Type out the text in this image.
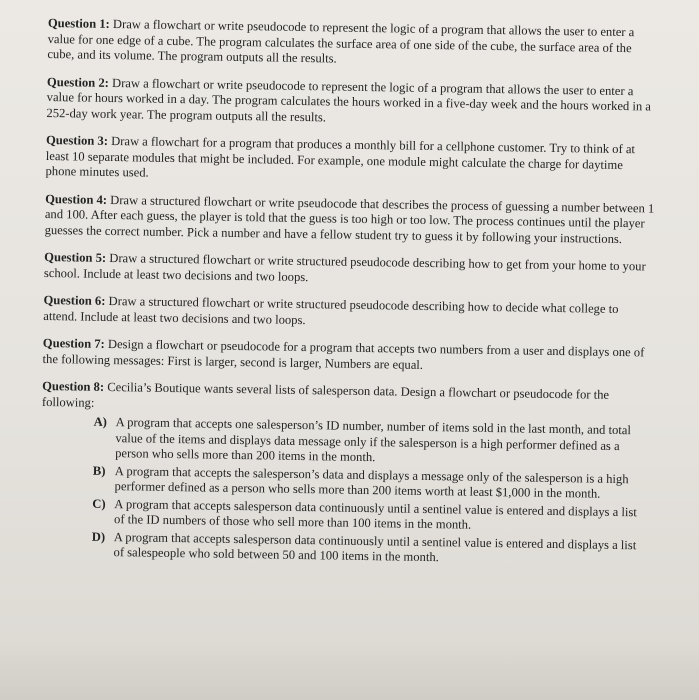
Question 1: Draw a flowchart or write pseudocode to represent the logic of a program that allows the user to enter a value for one edge of a cube. The program calculates the surface area of one side of the cube, the surface area of the cube, and its volume. The program outputs all the results.

Question 2: Draw a flowchart or write pseudocode to represent the logic of a program that allows the user to enter a value for hours worked in a day. The program calculates the hours worked in a five-day week and the hours worked in a 252-day work year. The program outputs all the results.

Question 3: Draw a flowchart for a program that produces a monthly bill for a cellphone customer. Try to think of at least 10 separate modules that might be included. For example, one module might calculate the charge for daytime phone minutes used.

Question 4: Draw a structured flowchart or write pseudocode that describes the process of guessing a number between 1 and 100. After each guess, the player is told that the guess is too high or too low. The process continues until the player guesses the correct number. Pick a number and have a fellow student try to guess it by following your instructions.

Question 5: Draw a structured flowchart or write structured pseudocode describing how to get from your home to your school. Include at least two decisions and two loops.

Question 6: Draw a structured flowchart or write structured pseudocode describing how to decide what college to attend. Include at least two decisions and two loops.

Question 7: Design a flowchart or pseudocode for a program that accepts two numbers from a user and displays one of the following messages: First is larger, second is larger, Numbers are equal.

Question 8: Cecilia’s Boutique wants several lists of salesperson data. Design a flowchart or pseudocode for the following:
A) A program that accepts one salesperson’s ID number, number of items sold in the last month, and total value of the items and displays data message only if the salesperson is a high performer defined as a person who sells more than 200 items in the month.
B) A program that accepts the salesperson’s data and displays a message only of the salesperson is a high performer defined as a person who sells more than 200 items worth at least $1,000 in the month.
C) A program that accepts salesperson data continuously until a sentinel value is entered and displays a list of the ID numbers of those who sell more than 100 items in the month.
D) A program that accepts salesperson data continuously until a sentinel value is entered and displays a list of salespeople who sold between 50 and 100 items in the month.
